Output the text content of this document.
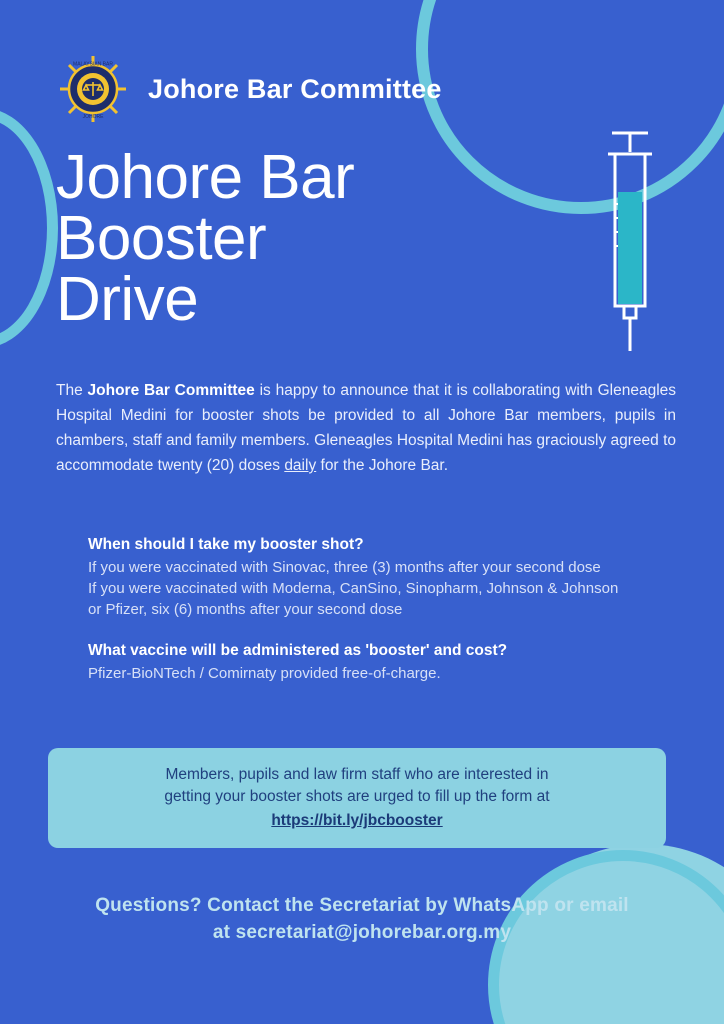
MALAYSIAN BAR
JOHORE
Johore Bar Committee
Johore Bar
Booster
Drive
The Johore Bar Committee is happy to announce that it is collaborating with Gleneagles Hospital Medini for booster shots be provided to all Johore Bar members, pupils in chambers, staff and family members. Gleneagles Hospital Medini has graciously agreed to accommodate twenty (20) doses daily for the Johore Bar.
When should I take my booster shot?
If you were vaccinated with Sinovac, three (3) months after your second dose
If you were vaccinated with Moderna, CanSino, Sinopharm, Johnson & Johnson
or Pfizer, six (6) months after your second dose
What vaccine will be administered as 'booster' and cost?
Pfizer-BioNTech / Comirnaty provided free-of-charge.
Members, pupils and law firm staff who are interested in
getting your booster shots are urged to fill up the form at
https://bit.ly/jbcbooster
Questions? Contact the Secretariat by WhatsApp or email
at secretariat@johorebar.org.my
